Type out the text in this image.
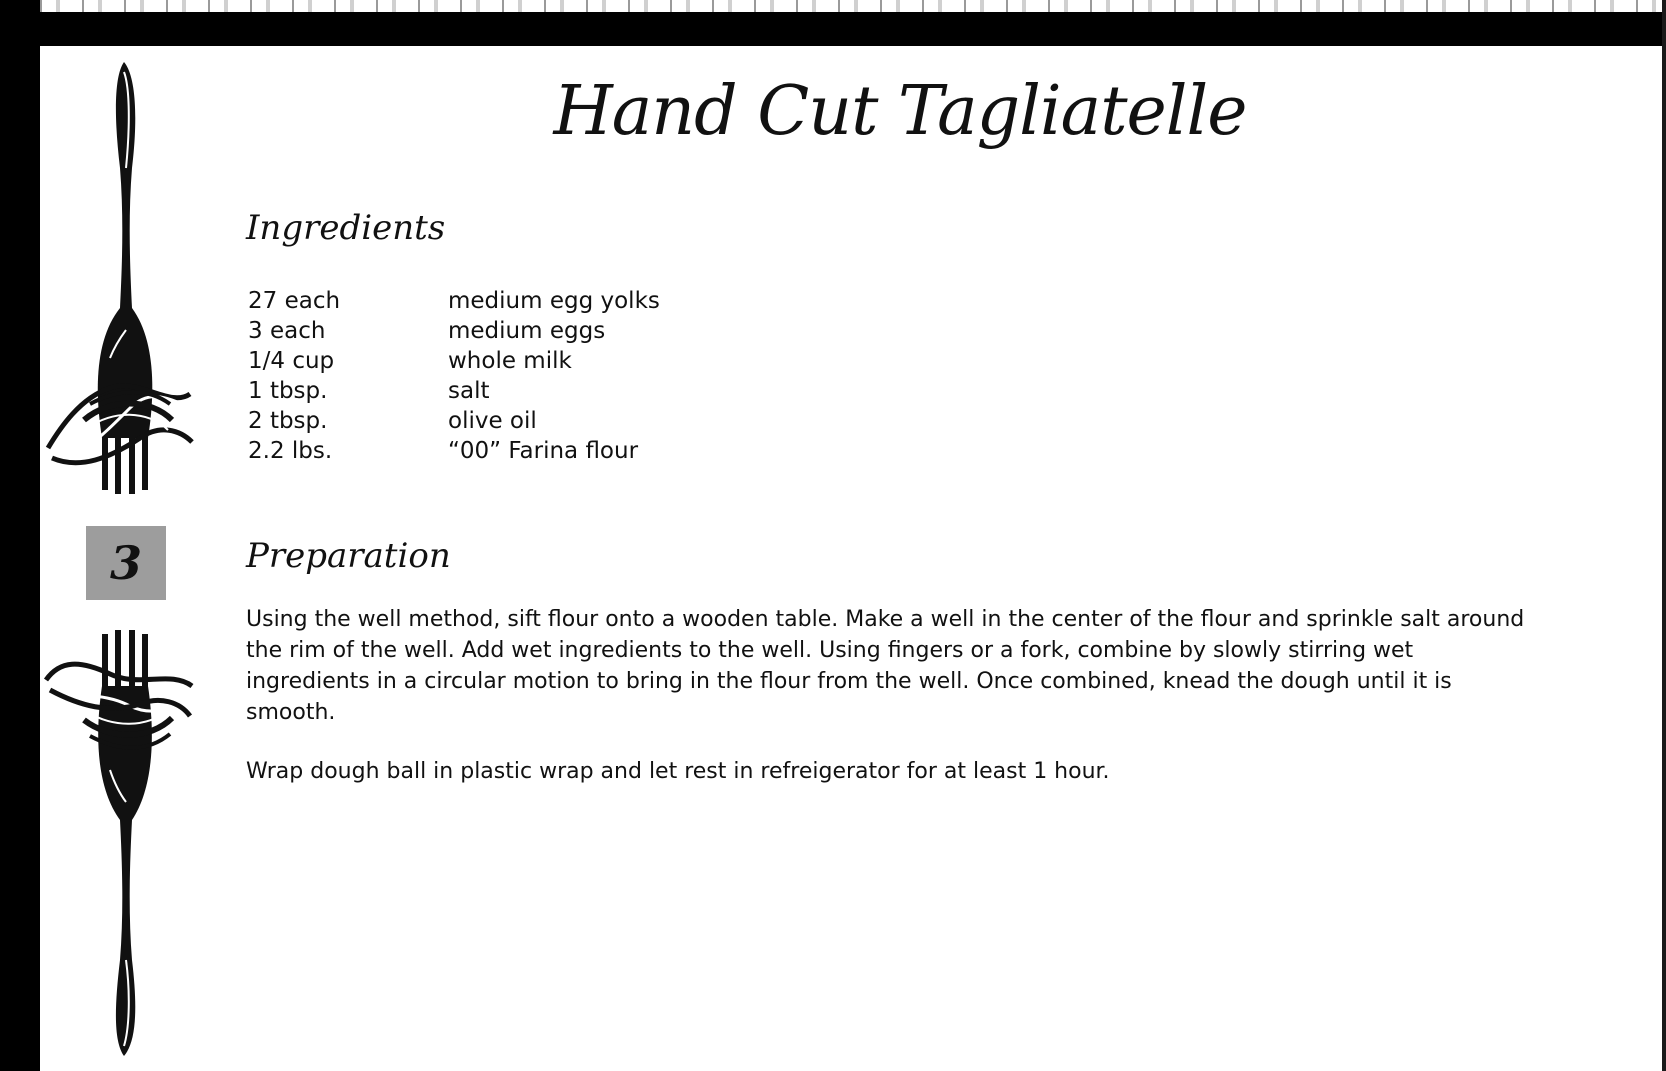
3
Hand Cut Tagliatelle
Ingredients
27 each	medium egg yolks
3 each	medium eggs
1/4 cup	whole milk
1 tbsp.	salt
2 tbsp.	olive oil
2.2 lbs.	“00” Farina flour
Preparation

Using the well method, sift flour onto a wooden table. Make a well in the center of the flour and sprinkle salt around the rim of the well. Add wet ingredients to the well. Using fingers or a fork, combine by slowly stirring wet ingredients in a circular motion to bring in the flour from the well. Once combined, knead the dough until it is smooth.

Wrap dough ball in plastic wrap and let rest in refreigerator for at least 1 hour.
